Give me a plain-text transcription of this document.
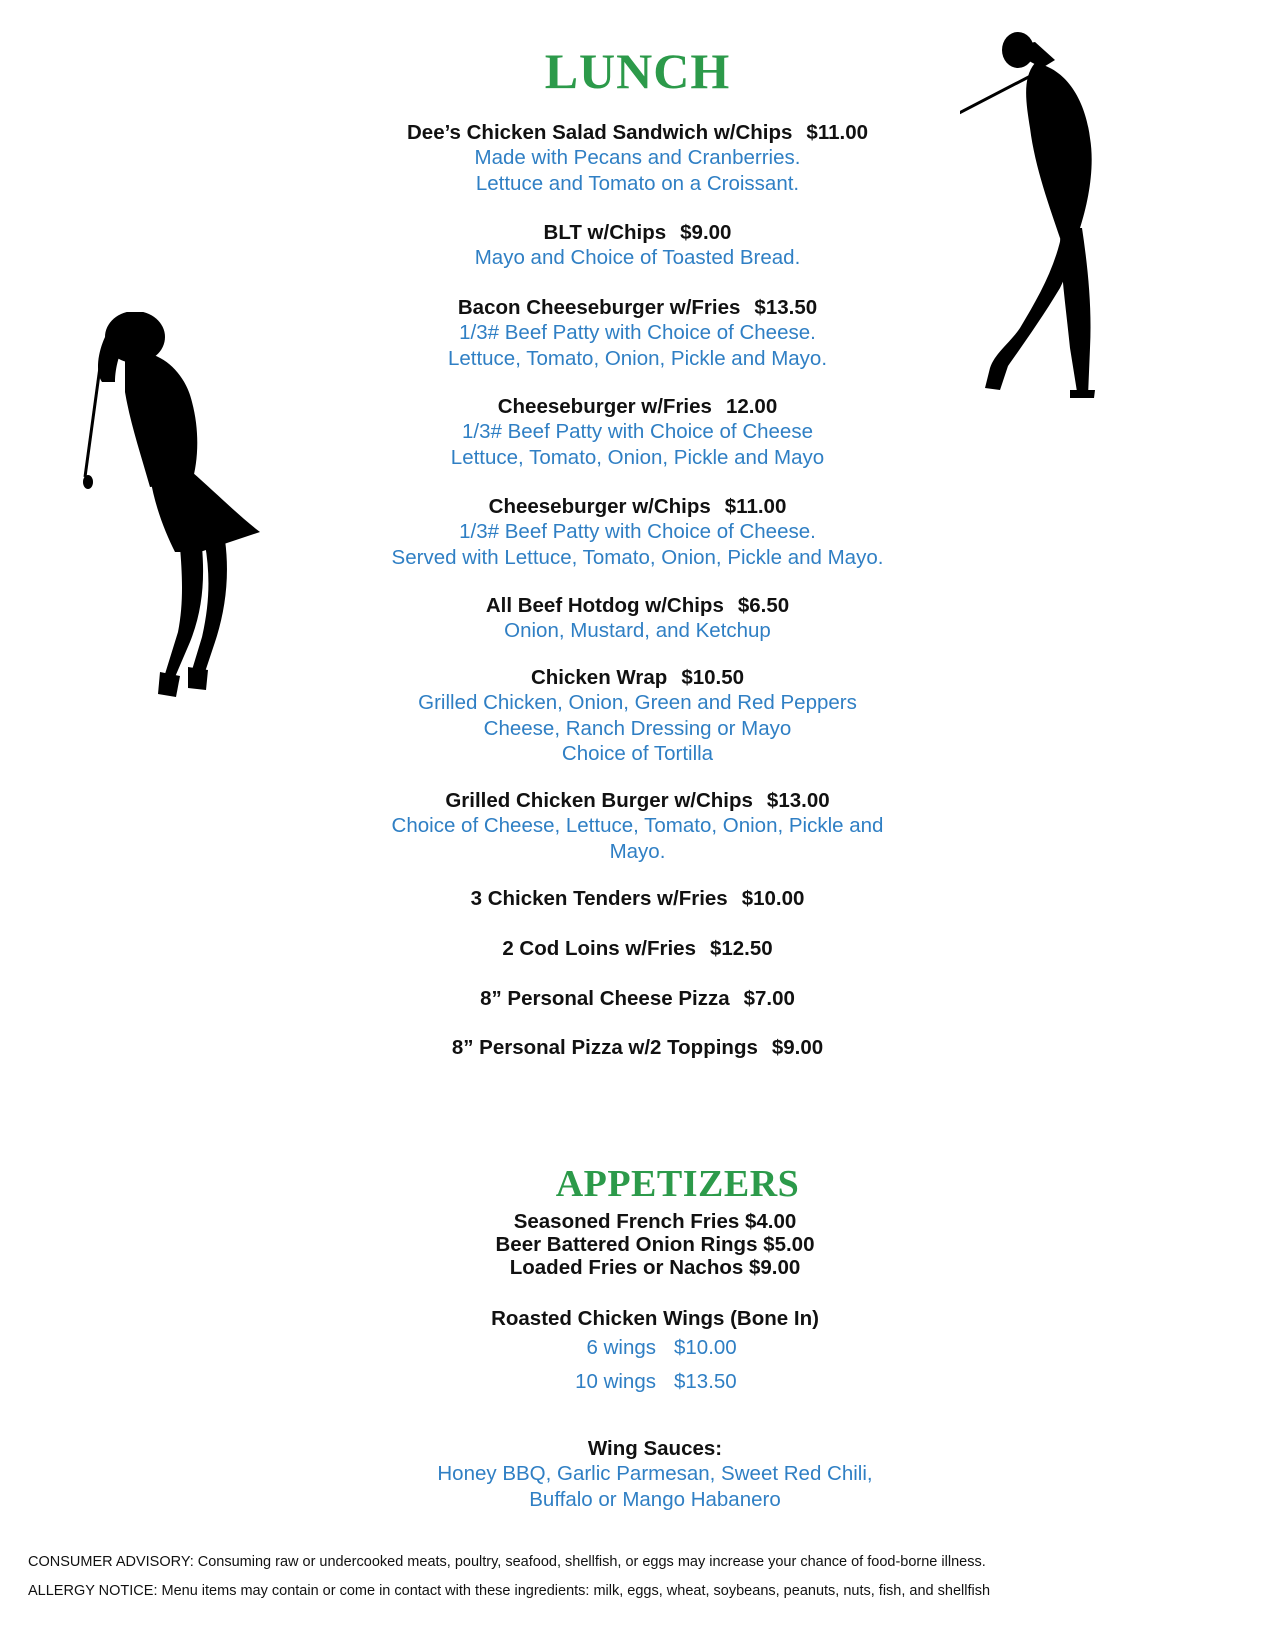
LUNCH
Dee’s Chicken Salad Sandwich w/Chips $11.00
Made with Pecans and Cranberries.
Lettuce and Tomato on a Croissant.
BLT w/Chips $9.00
Mayo and Choice of Toasted Bread.
Bacon Cheeseburger w/Fries $13.50
1/3# Beef Patty with Choice of Cheese.
Lettuce, Tomato, Onion, Pickle and Mayo.
Cheeseburger w/Fries 12.00
1/3# Beef Patty with Choice of Cheese
Lettuce, Tomato, Onion, Pickle and Mayo
Cheeseburger w/Chips $11.00
1/3# Beef Patty with Choice of Cheese.
Served with Lettuce, Tomato, Onion, Pickle and Mayo.
All Beef Hotdog w/Chips $6.50
Onion, Mustard, and Ketchup
Chicken Wrap $10.50
Grilled Chicken, Onion, Green and Red Peppers
Cheese, Ranch Dressing or Mayo
Choice of Tortilla
Grilled Chicken Burger w/Chips $13.00
Choice of Cheese, Lettuce, Tomato, Onion, Pickle and
Mayo.
3 Chicken Tenders w/Fries $10.00
2 Cod Loins w/Fries $12.50
8” Personal Cheese Pizza $7.00
8” Personal Pizza w/2 Toppings $9.00
APPETIZERS
Seasoned French Fries $4.00
Beer Battered Onion Rings $5.00
Loaded Fries or Nachos $9.00
Roasted Chicken Wings (Bone In)
6 wings $10.00
10 wings $13.50
Wing Sauces:
Honey BBQ, Garlic Parmesan, Sweet Red Chili,
Buffalo or Mango Habanero
CONSUMER ADVISORY: Consuming raw or undercooked meats, poultry, seafood, shellfish, or eggs may increase your chance of food-borne illness.
ALLERGY NOTICE: Menu items may contain or come in contact with these ingredients: milk, eggs, wheat, soybeans, peanuts, nuts, fish, and shellfish
